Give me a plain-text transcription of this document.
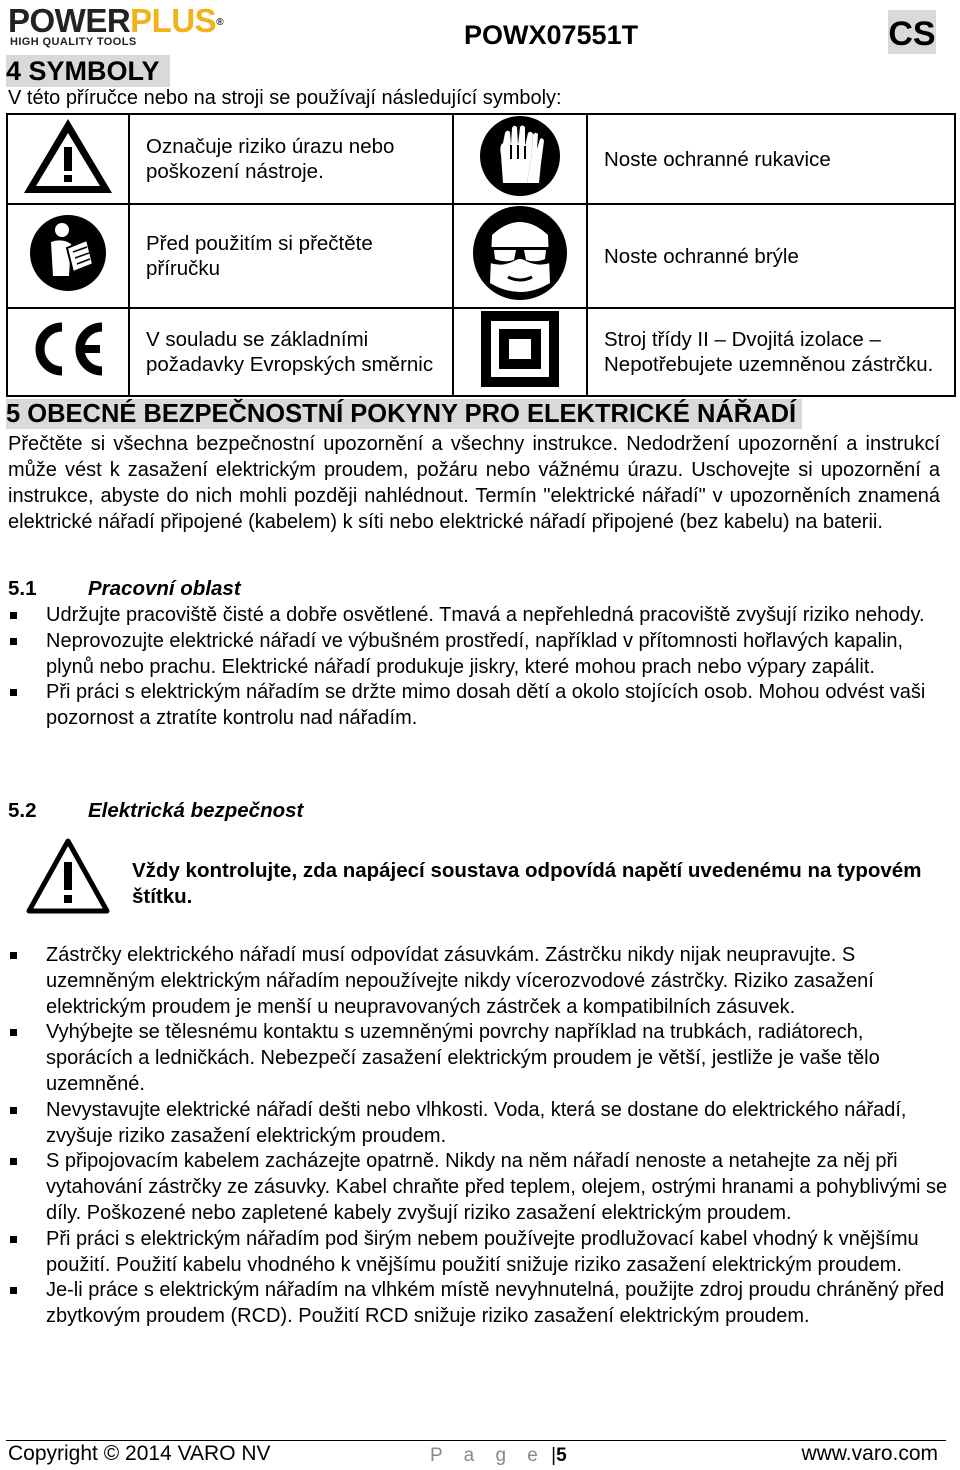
POWERPLUS®
HIGH QUALITY TOOLS	POWX07551T	CS
4 SYMBOLY
V této příručce nebo na stroji se používají následující symboly:
	Označuje riziko úrazu nebo poškození nástroje.		Noste ochranné rukavice
	Před použitím si přečtěte příručku		Noste ochranné brýle
	V souladu se základními požadavky Evropských směrnic		Stroj třídy II – Dvojitá izolace – Nepotřebujete uzemněnou zástrčku.
5 OBECNÉ BEZPEČNOSTNÍ POKYNY PRO ELEKTRICKÉ NÁŘADÍ
Přečtěte si všechna bezpečnostní upozornění a všechny instrukce. Nedodržení upozornění a instrukcí může vést k zasažení elektrickým proudem, požáru nebo vážnému úrazu. Uschovejte si upozornění a instrukce, abyste do nich mohli později nahlédnout. Termín "elektrické nářadí" v upozorněních znamená elektrické nářadí připojené (kabelem) k síti nebo elektrické nářadí připojené (bez kabelu) na baterii.
5.1	Pracovní oblast
Udržujte pracoviště čisté a dobře osvětlené. Tmavá a nepřehledná pracoviště zvyšují riziko nehody.
Neprovozujte elektrické nářadí ve výbušném prostředí, například v přítomnosti hořlavých kapalin, plynů nebo prachu. Elektrické nářadí produkuje jiskry, které mohou prach nebo výpary zapálit.
Při práci s elektrickým nářadím se držte mimo dosah dětí a okolo stojících osob. Mohou odvést vaši pozornost a ztratíte kontrolu nad nářadím.
5.2	Elektrická bezpečnost
Vždy kontrolujte, zda napájecí soustava odpovídá napětí uvedenému na typovém štítku.
Zástrčky elektrického nářadí musí odpovídat zásuvkám. Zástrčku nikdy nijak neupravujte. S uzemněným elektrickým nářadím nepoužívejte nikdy vícerozvodové zástrčky. Riziko zasažení elektrickým proudem je menší u neupravovaných zástrček a kompatibilních zásuvek.
Vyhýbejte se tělesnému kontaktu s uzemněnými povrchy například na trubkách, radiátorech, sporácích a ledničkách. Nebezpečí zasažení elektrickým proudem je větší, jestliže je vaše tělo uzemněné.
Nevystavujte elektrické nářadí dešti nebo vlhkosti. Voda, která se dostane do elektrického nářadí, zvyšuje riziko zasažení elektrickým proudem.
S připojovacím kabelem zacházejte opatrně. Nikdy na něm nářadí nenoste a netahejte za něj při vytahování zástrčky ze zásuvky. Kabel chraňte před teplem, olejem, ostrými hranami a pohyblivými se díly. Poškozené nebo zapletené kabely zvyšují riziko zasažení elektrickým proudem.
Při práci s elektrickým nářadím pod širým nebem používejte prodlužovací kabel vhodný k vnějšímu použití. Použití kabelu vhodného k vnějšímu použití snižuje riziko zasažení elektrickým proudem.
Je-li práce s elektrickým nářadím na vlhkém místě nevyhnutelná, použijte zdroj proudu chráněný před zbytkovým proudem (RCD). Použití RCD snižuje riziko zasažení elektrickým proudem.
Copyright © 2014 VARO NV	P a g e |5	www.varo.com
